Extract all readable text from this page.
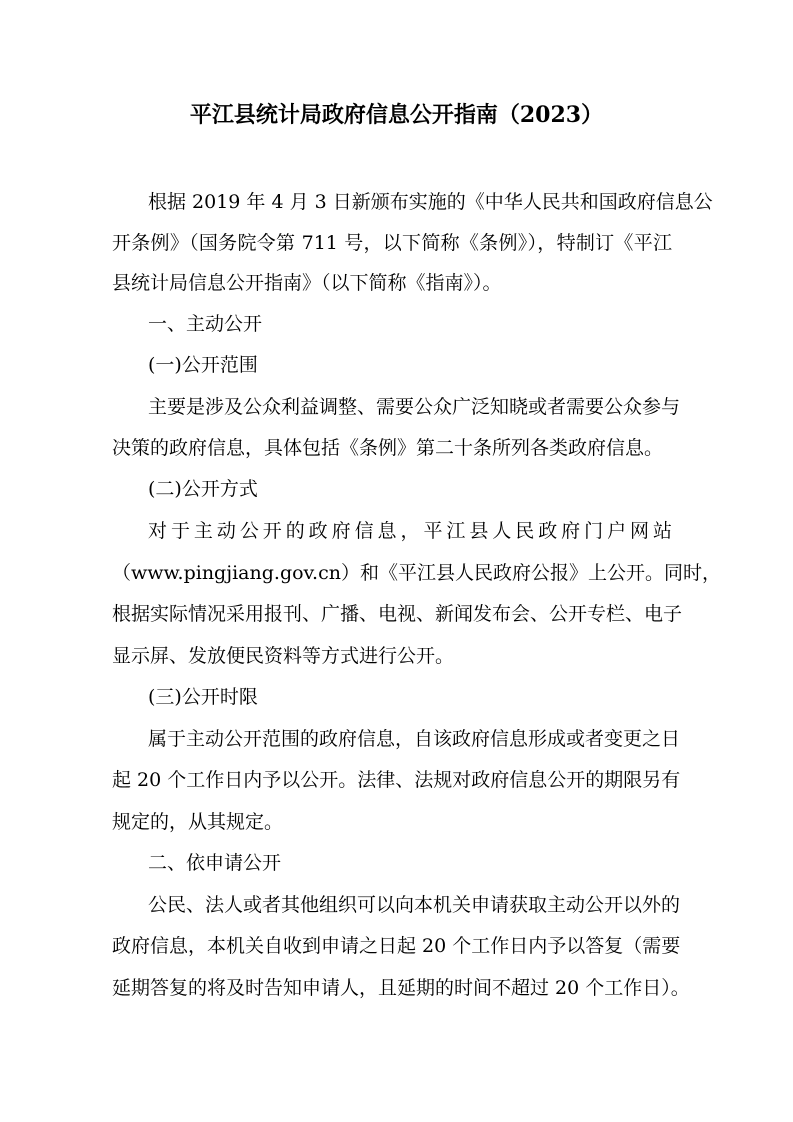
平江县统计局政府信息公开指南（2023）
根据 2019 年 4 月 3 日新颁布实施的《中华人民共和国政府信息公
开条例》（国务院令第 711 号，以下简称《条例》），特制订《平江
县统计局信息公开指南》（以下简称《指南》）。
一、主动公开
(一)公开范围
主要是涉及公众利益调整、需要公众广泛知晓或者需要公众参与
决策的政府信息，具体包括《条例》第二十条所列各类政府信息。
(二)公开方式
对于主动公开的政府信息，平江县人民政府门户网站
（www.pingjiang.gov.cn）和《平江县人民政府公报》上公开。同时，
根据实际情况采用报刊、广播、电视、新闻发布会、公开专栏、电子
显示屏、发放便民资料等方式进行公开。
(三)公开时限
属于主动公开范围的政府信息，自该政府信息形成或者变更之日
起 20 个工作日内予以公开。法律、法规对政府信息公开的期限另有
规定的，从其规定。
二、依申请公开
公民、法人或者其他组织可以向本机关申请获取主动公开以外的
政府信息，本机关自收到申请之日起 20 个工作日内予以答复（需要
延期答复的将及时告知申请人，且延期的时间不超过 20 个工作日）。
